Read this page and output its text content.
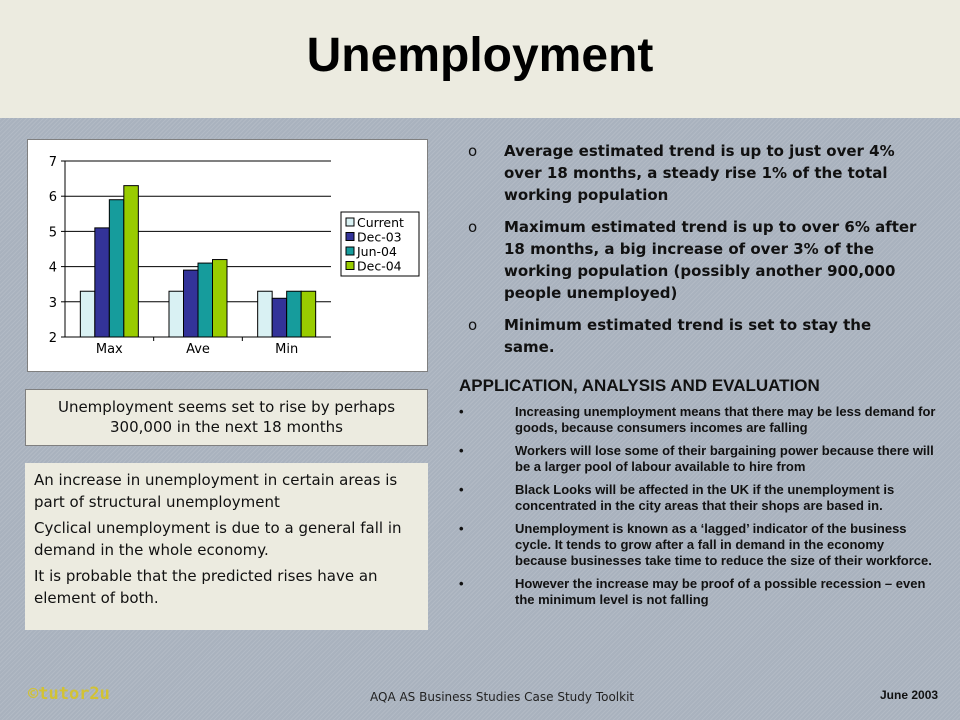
Unemployment
2
3
4
5
6
7
Max	Ave	Min
Current
Dec-03
Jun-04
Dec-04
Unemployment seems set to rise by perhaps 300,000 in the next 18 months

An increase in unemployment in certain areas is part of structural unemployment

Cyclical unemployment is due to a general fall in demand in the whole economy.

It is probable that the predicted rises have an element of both.

o Average estimated trend is up to just over 4% over 18 months, a steady rise 1% of the total working population
o Maximum estimated trend is up to over 6% after 18 months, a big increase of over 3% of the working population (possibly another 900,000 people unemployed)
o Minimum estimated trend is set to stay the same.
APPLICATION, ANALYSIS AND EVALUATION
•	Increasing unemployment means that there may be less demand for goods, because consumers incomes are falling
•	Workers will lose some of their bargaining power because there will be a larger pool of labour available to hire from
•	Black Looks will be affected in the UK if the unemployment is concentrated in the city areas that their shops are based in.
•	Unemployment is known as a ‘lagged’ indicator of the business cycle. It tends to grow after a fall in demand in the economy because businesses take time to reduce the size of their workforce.
•	However the increase may be proof of a possible recession – even the minimum level is not falling
©tutor2u	AQA AS Business Studies Case Study Toolkit	June 2003
